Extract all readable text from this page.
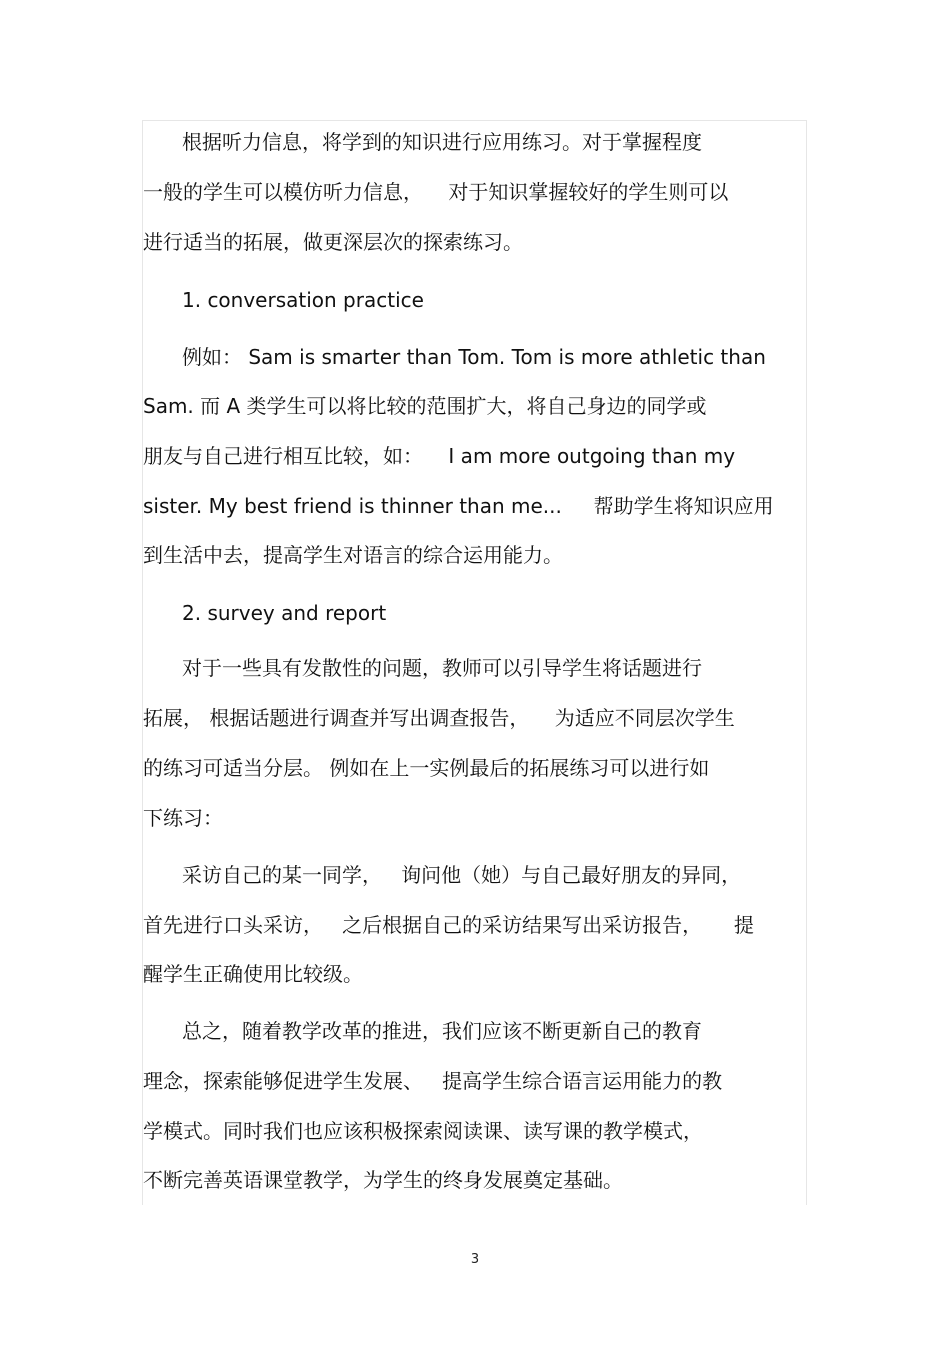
根据听力信息，将学到的知识进行应用练习。对于掌握程度
一般的学生可以模仿听力信息，    对于知识掌握较好的学生则可以
进行适当的拓展，做更深层次的探索练习。
1. conversation practice
例如： Sam is smarter than Tom. Tom is more athletic than
Sam. 而 A 类学生可以将比较的范围扩大，将自己身边的同学或
朋友与自己进行相互比较，如：    I am more outgoing than my
sister. My best friend is thinner than me...     帮助学生将知识应用
到生活中去，提高学生对语言的综合运用能力。
2. survey and report
对于一些具有发散性的问题，教师可以引导学生将话题进行
拓展， 根据话题进行调查并写出调查报告，    为适应不同层次学生
的练习可适当分层。 例如在上一实例最后的拓展练习可以进行如
下练习：
采访自己的某一同学，   询问他（她）与自己最好朋友的异同，
首先进行口头采访，   之后根据自己的采访结果写出采访报告，     提
醒学生正确使用比较级。
总之，随着教学改革的推进，我们应该不断更新自己的教育
理念，探索能够促进学生发展、   提高学生综合语言运用能力的教
学模式。同时我们也应该积极探索阅读课、读写课的教学模式，
不断完善英语课堂教学，为学生的终身发展奠定基础。
3
